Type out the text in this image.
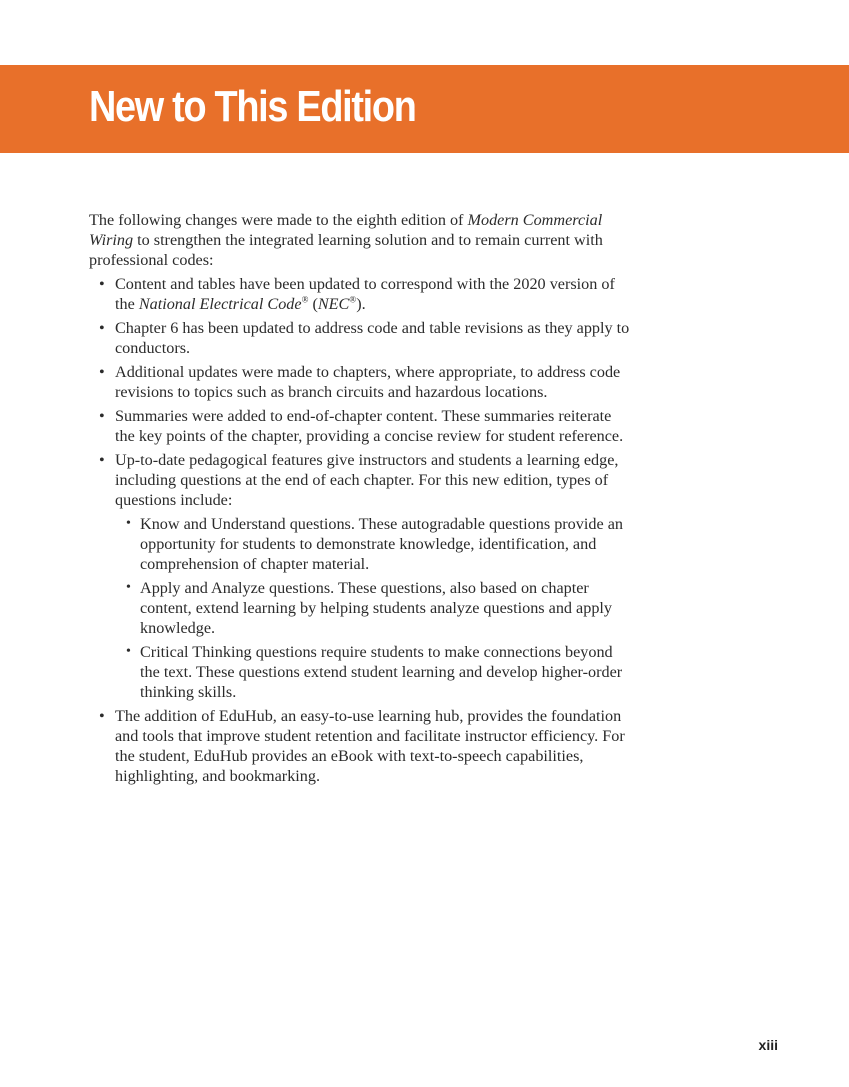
New to This Edition

The following changes were made to the eighth edition of Modern Commercial Wiring to strengthen the integrated learning solution and to remain current with professional codes:

• Content and tables have been updated to correspond with the 2020 version of the National Electrical Code® (NEC®).
• Chapter 6 has been updated to address code and table revisions as they apply to conductors.
• Additional updates were made to chapters, where appropriate, to address code revisions to topics such as branch circuits and hazardous locations.
• Summaries were added to end-of-chapter content. These summaries reiterate the key points of the chapter, providing a concise review for student reference.
• Up-to-date pedagogical features give instructors and students a learning edge, including questions at the end of each chapter. For this new edition, types of questions include:
• Know and Understand questions. These autogradable questions provide an opportunity for students to demonstrate knowledge, identification, and comprehension of chapter material.
• Apply and Analyze questions. These questions, also based on chapter content, extend learning by helping students analyze questions and apply knowledge.
• Critical Thinking questions require students to make connections beyond the text. These questions extend student learning and develop higher-order thinking skills.
• The addition of EduHub, an easy-to-use learning hub, provides the foundation and tools that improve student retention and facilitate instructor efficiency. For the student, EduHub provides an eBook with text-to-speech capabilities, highlighting, and bookmarking.
xiii
